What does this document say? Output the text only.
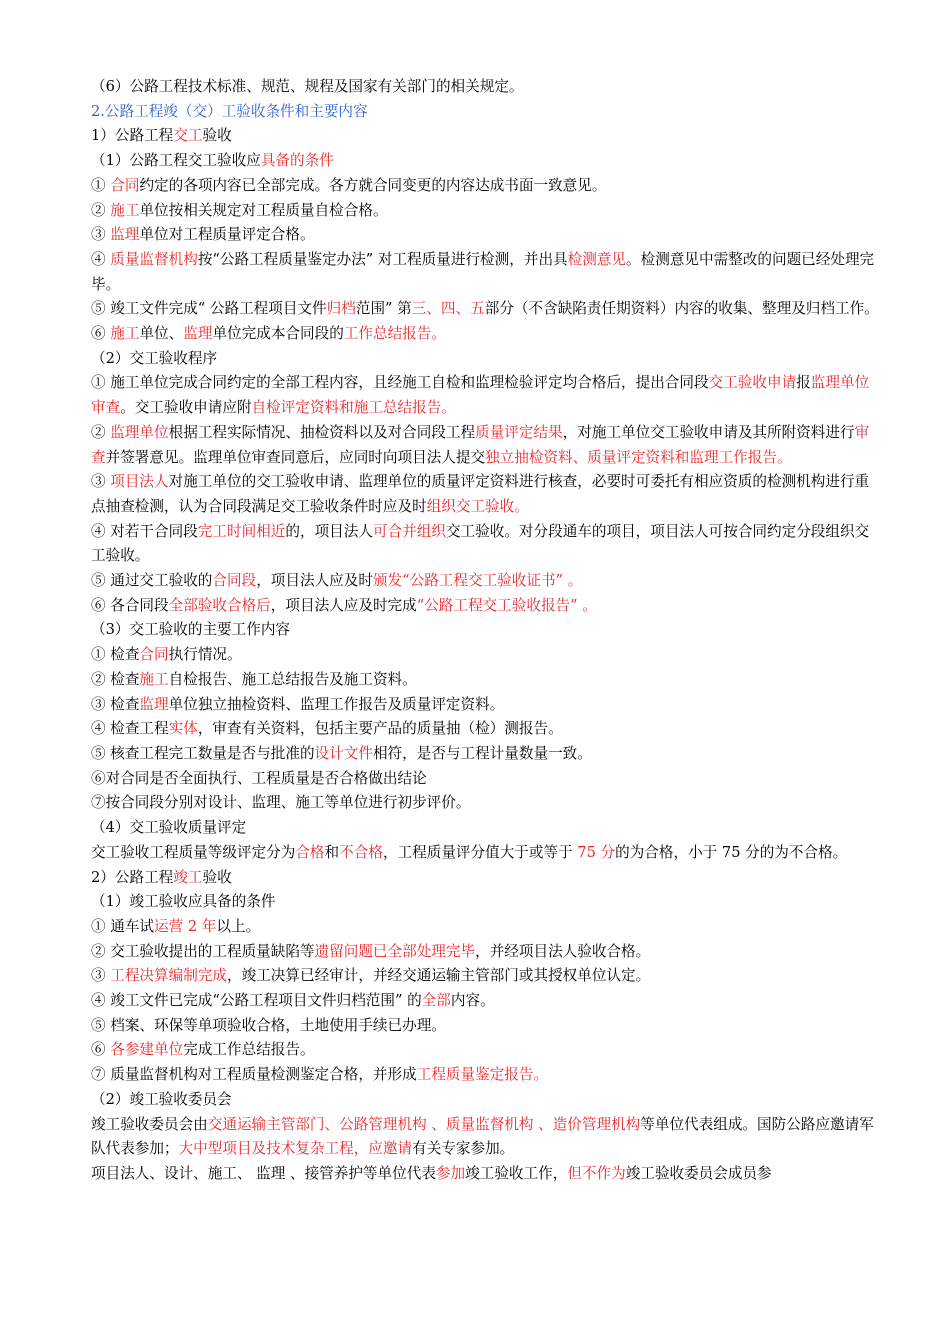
（6）公路工程技术标准、规范、规程及国家有关部门的相关规定。

2.公路工程竣（交）工验收条件和主要内容

1）公路工程交工验收

（1）公路工程交工验收应具备的条件

① 合同约定的各项内容已全部完成。各方就合同变更的内容达成书面一致意见。

② 施工单位按相关规定对工程质量自检合格。

③ 监理单位对工程质量评定合格。

④ 质量监督机构按“公路工程质量鉴定办法” 对工程质量进行检测，并出具检测意见。检测意见中需整改的问题已经处理完毕。

⑤ 竣工文件完成“ 公路工程项目文件归档范围” 第三、四、五部分（不含缺陷责任期资料）内容的收集、整理及归档工作。

⑥ 施工单位、监理单位完成本合同段的工作总结报告。

（2）交工验收程序

① 施工单位完成合同约定的全部工程内容，且经施工自检和监理检验评定均合格后，提出合同段交工验收申请报监理单位审查。交工验收申请应附自检评定资料和施工总结报告。

② 监理单位根据工程实际情况、抽检资料以及对合同段工程质量评定结果，对施工单位交工验收申请及其所附资料进行审查并签署意见。监理单位审查同意后，应同时向项目法人提交独立抽检资料、质量评定资料和监理工作报告。

③ 项目法人对施工单位的交工验收申请、监理单位的质量评定资料进行核查，必要时可委托有相应资质的检测机构进行重点抽查检测，认为合同段满足交工验收条件时应及时组织交工验收。

④ 对若干合同段完工时间相近的，项目法人可合并组织交工验收。对分段通车的项目，项目法人可按合同约定分段组织交工验收。

⑤ 通过交工验收的合同段，项目法人应及时颁发“公路工程交工验收证书” 。

⑥ 各合同段全部验收合格后，项目法人应及时完成“公路工程交工验收报告” 。

（3）交工验收的主要工作内容

① 检查合同执行情况。

② 检查施工自检报告、施工总结报告及施工资料。

③ 检查监理单位独立抽检资料、监理工作报告及质量评定资料。

④ 检查工程实体，审查有关资料，包括主要产品的质量抽（检）测报告。

⑤ 核查工程完工数量是否与批准的设计文件相符，是否与工程计量数量一致。

⑥对合同是否全面执行、工程质量是否合格做出结论

⑦按合同段分别对设计、监理、施工等单位进行初步评价。

（4）交工验收质量评定

交工验收工程质量等级评定分为合格和不合格，工程质量评分值大于或等于 75 分的为合格，小于 75 分的为不合格。

2）公路工程竣工验收

（1）竣工验收应具备的条件

① 通车试运营 2 年以上。

② 交工验收提出的工程质量缺陷等遗留问题已全部处理完毕，并经项目法人验收合格。

③ 工程决算编制完成，竣工决算已经审计，并经交通运输主管部门或其授权单位认定。

④ 竣工文件已完成“公路工程项目文件归档范围” 的全部内容。

⑤ 档案、环保等单项验收合格，土地使用手续已办理。

⑥ 各参建单位完成工作总结报告。

⑦ 质量监督机构对工程质量检测鉴定合格，并形成工程质量鉴定报告。

（2）竣工验收委员会

竣工验收委员会由交通运输主管部门、公路管理机构 、质量监督机构 、造价管理机构等单位代表组成。国防公路应邀请军队代表参加；大中型项目及技术复杂工程，应邀请有关专家参加。

项目法人、设计、施工、 监理 、接管养护等单位代表参加竣工验收工作，但不作为竣工验收委员会成员参
